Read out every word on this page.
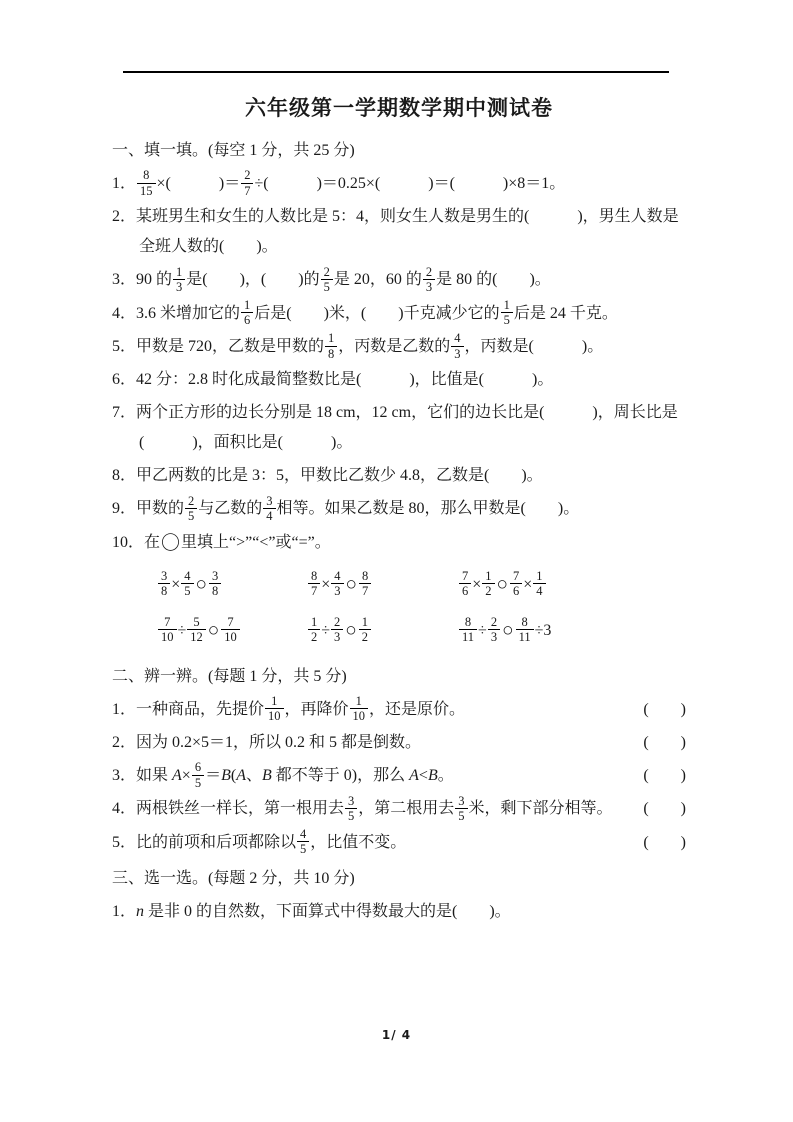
六年级第一学期数学期中测试卷
一、填一填。(每空 1 分，共 25 分)
1． $\frac{8}{15}$ ×(　　　)＝ $\frac{2}{7}$ ÷(　　　)＝0.25×(　　　)＝(　　　)×8＝1。
2．某班男生和女生的人数比是 5：4，则女生人数是男生的(　　　)，男生人数是全班人数的(　　)。
3．90 的 $\frac{1}{3}$ 是(　　)，(　　)的 $\frac{2}{5}$ 是 20，60 的 $\frac{2}{3}$ 是 80 的(　　)。
4．3.6 米增加它的 $\frac{1}{6}$ 后是(　　)米，(　　)千克减少它的 $\frac{1}{5}$ 后是 24 千克。
5．甲数是 720，乙数是甲数的 $\frac{1}{8}$ ，丙数是乙数的 $\frac{4}{3}$ ，丙数是(　　　)。
6．42 分：2.8 时化成最简整数比是(　　　)，比值是(　　　)。
7．两个正方形的边长分别是 18 cm，12 cm，它们的边长比是(　　　)，周长比是(　　　)，面积比是(　　　)。
8．甲乙两数的比是 3：5，甲数比乙数少 4.8，乙数是(　　)。
9．甲数的 $\frac{2}{5}$ 与乙数的 $\frac{3}{4}$ 相等。如果乙数是 80，那么甲数是(　　)。
10．在〇里填上“>”“<”或“=”。
$\frac{3}{8} \times \frac{4}{5}$ ○ $\frac{3}{8}$	$\frac{8}{7} \times \frac{4}{3}$ ○ $\frac{8}{7}$	$\frac{7}{6} \times \frac{1}{2}$ ○ $\frac{7}{6} \times \frac{1}{4}$
$\frac{7}{10} \div \frac{5}{12}$ ○ $\frac{7}{10}$	$\frac{1}{2} \div \frac{2}{3}$ ○ $\frac{1}{2}$	$\frac{8}{11} \div \frac{2}{3}$ ○ $\frac{8}{11} \div 3$
二、辨一辨。(每题 1 分，共 5 分)
1．一种商品，先提价 $\frac{1}{10}$ ，再降价 $\frac{1}{10}$ ，还是原价。	(　　)
2．因为 0.2×5＝1，所以 0.2 和 5 都是倒数。	(　　)
3．如果 $A\times \frac{6}{5} =B(A$、B 都不等于 0)，那么 A<B。	(　　)
4．两根铁丝一样长，第一根用去 $\frac{3}{5}$ ，第二根用去 $\frac{3}{5}$ 米，剩下部分相等。 (　　)
5．比的前项和后项都除以 $\frac{4}{5}$ ，比值不变。	(　　)
三、选一选。(每题 2 分，共 10 分)
1．n 是非 0 的自然数，下面算式中得数最大的是(　　)。
1/ 4
